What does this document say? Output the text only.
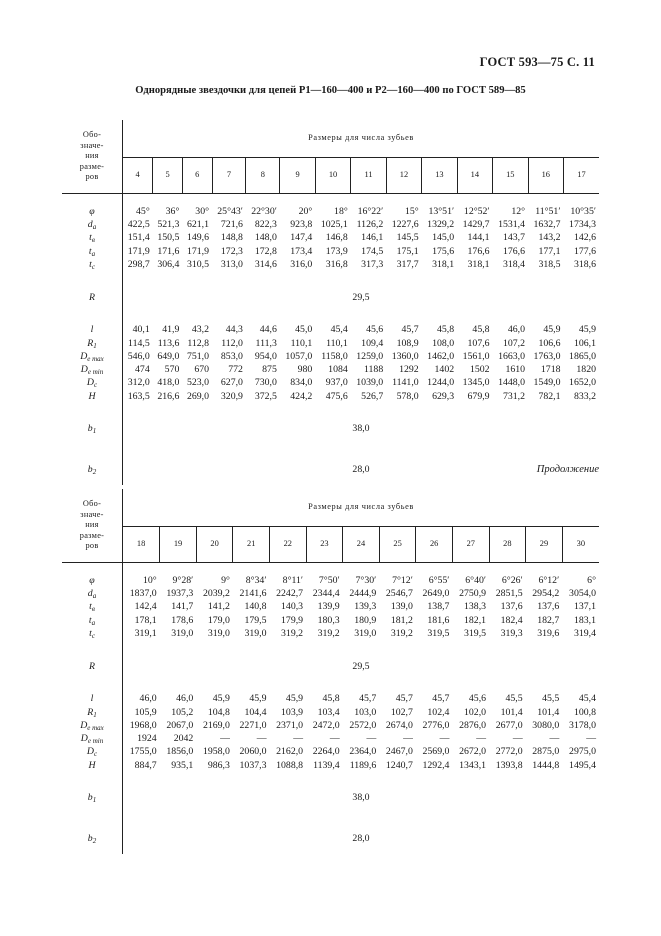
ГОСТ 593—75 С. 11
Однорядные звездочки для цепей Р1—160—400 и Р2—160—400 по ГОСТ 589—85
Обо-
значе-
ния
разме-
ров	Размеры для числа зубьев													
	4	5	6	7	8	9	10	11	12	13	14	15	16	17

φ	45°	36°	30°	25°43′	22°30′	20°	18°	16°22′	15°	13°51′	12°52′	12°	11°51′	10°35′
$d_a$	422,5	521,3	621,1	721,6	822,3	923,8	1025,1	1126,2	1227,6	1329,2	1429,7	1531,4	1632,7	1734,3
$t_в$	151,4	150,5	149,6	148,8	148,0	147,4	146,8	146,1	145,5	145,0	144,1	143,7	143,2	142,6
$t_a$	171,9	171,6	171,9	172,3	172,8	173,4	173,9	174,5	175,1	175,6	176,6	176,6	177,1	177,6
$t_c$	298,7	306,4	310,5	313,0	314,6	316,0	316,8	317,3	317,7	318,1	318,1	318,4	318,5	318,6

R	29,5													

l	40,1	41,9	43,2	44,3	44,6	45,0	45,4	45,6	45,7	45,8	45,8	46,0	45,9	45,9
$R_1$	114,5	113,6	112,8	112,0	111,3	110,1	110,1	109,4	108,9	108,0	107,6	107,2	106,6	106,1
$D_{e max}$	546,0	649,0	751,0	853,0	954,0	1057,0	1158,0	1259,0	1360,0	1462,0	1561,0	1663,0	1763,0	1865,0
$D_{e min}$	474	570	670	772	875	980	1084	1188	1292	1402	1502	1610	1718	1820
$D_c$	312,0	418,0	523,0	627,0	730,0	834,0	937,0	1039,0	1141,0	1244,0	1345,0	1448,0	1549,0	1652,0
H	163,5	216,6	269,0	320,9	372,5	424,2	475,6	526,7	578,0	629,3	679,9	731,2	782,1	833,2

$b_1$	38,0													

$b_2$	28,0														Продолжение
Обо-
значе-
ния
разме-
ров	Размеры для числа зубьев												
	18	19	20	21	22	23	24	25	26	27	28	29	30

φ	10°	9°28′	9°	8°34′	8°11′	7°50′	7°30′	7°12′	6°55′	6°40′	6°26′	6°12′	6°
$d_a$	1837,0	1937,3	2039,2	2141,6	2242,7	2344,4	2444,9	2546,7	2649,0	2750,9	2851,5	2954,2	3054,0
$t_в$	142,4	141,7	141,2	140,8	140,3	139,9	139,3	139,0	138,7	138,3	137,6	137,6	137,1
$t_a$	178,1	178,6	179,0	179,5	179,9	180,3	180,9	181,2	181,6	182,1	182,4	182,7	183,1
$t_c$	319,1	319,0	319,0	319,0	319,2	319,2	319,0	319,2	319,5	319,5	319,3	319,6	319,4

R	29,5												

l	46,0	46,0	45,9	45,9	45,9	45,8	45,7	45,7	45,7	45,6	45,5	45,5	45,4
$R_1$	105,9	105,2	104,8	104,4	103,9	103,4	103,0	102,7	102,4	102,0	101,4	101,4	100,8
$D_{e max}$	1968,0	2067,0	2169,0	2271,0	2371,0	2472,0	2572,0	2674,0	2776,0	2876,0	2677,0	3080,0	3178,0
$D_{e min}$	1924	2042	—	—	—	—	—	—	—	—	—	—	—
$D_c$	1755,0	1856,0	1958,0	2060,0	2162,0	2264,0	2364,0	2467,0	2569,0	2672,0	2772,0	2875,0	2975,0
H	884,7	935,1	986,3	1037,3	1088,8	1139,4	1189,6	1240,7	1292,4	1343,1	1393,8	1444,8	1495,4

$b_1$	38,0												

$b_2$	28,0												
